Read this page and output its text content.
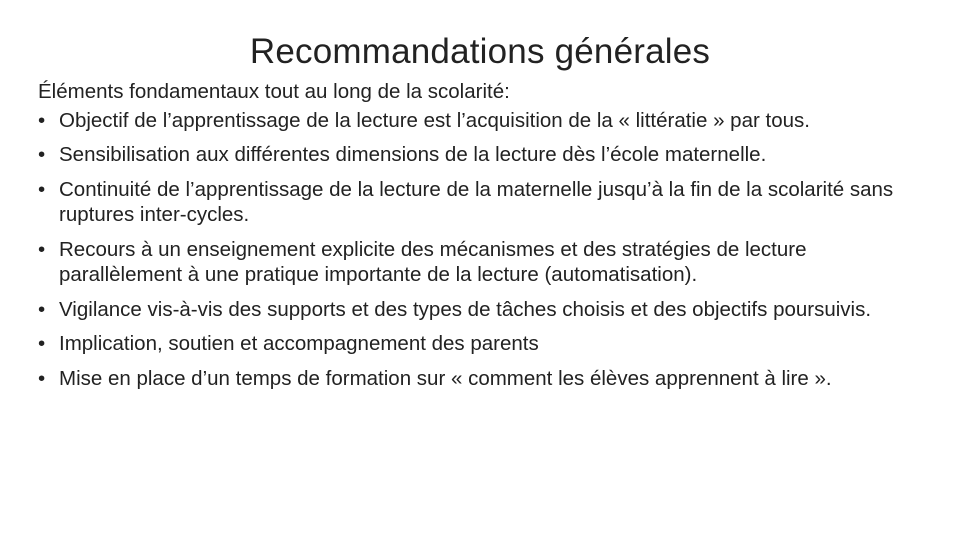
Recommandations générales

Éléments fondamentaux tout au long de la scolarité:

• Objectif de l’apprentissage de la lecture est l’acquisition de la « littératie » par tous.
• Sensibilisation aux différentes dimensions de la lecture dès l’école maternelle.
• Continuité de l’apprentissage de la lecture de la maternelle jusqu’à la fin de la scolarité sans ruptures inter-cycles.
• Recours à un enseignement explicite des mécanismes et des stratégies de lecture parallèlement à une pratique importante de la lecture (automatisation).
• Vigilance vis-à-vis des supports et des types de tâches choisis et des objectifs poursuivis.
• Implication, soutien et accompagnement des parents
• Mise en place d’un temps de formation sur « comment les élèves apprennent à lire ».
